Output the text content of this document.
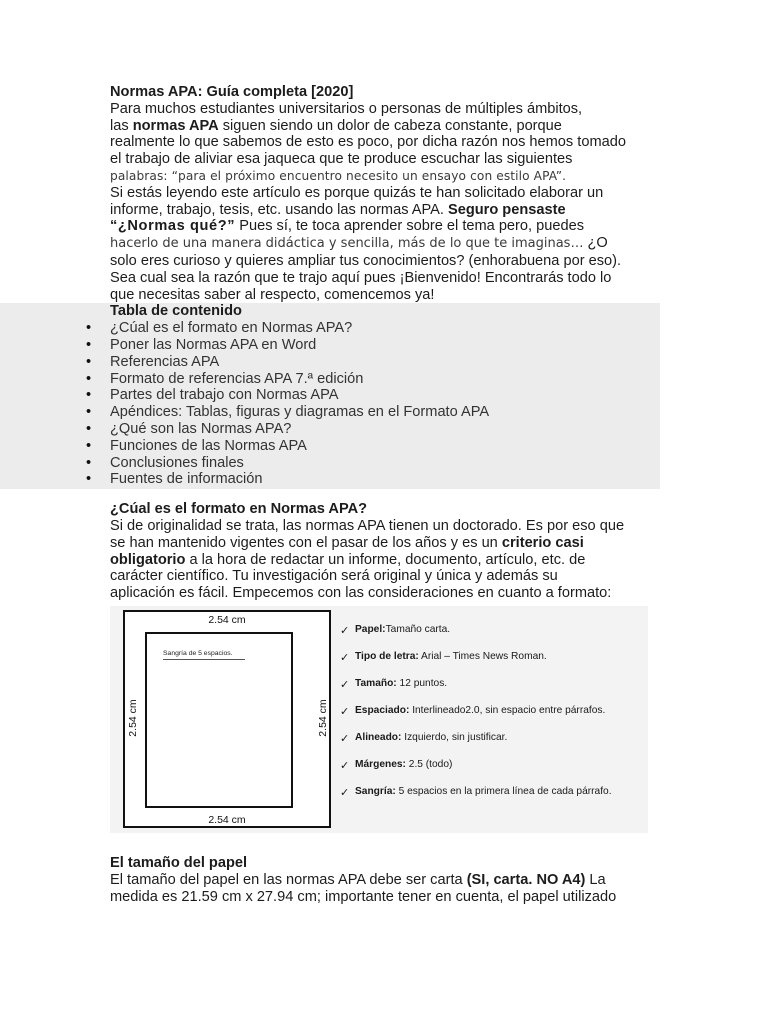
Normas APA: Guía completa [2020]

Para muchos estudiantes universitarios o personas de múltiples ámbitos,

las normas APA siguen siendo un dolor de cabeza constante, porque

realmente lo que sabemos de esto es poco, por dicha razón nos hemos tomado

el trabajo de aliviar esa jaqueca que te produce escuchar las siguientes

palabras: “para el próximo encuentro necesito un ensayo con estilo APA”.

Si estás leyendo este artículo es porque quizás te han solicitado elaborar un

informe, trabajo, tesis, etc. usando las normas APA. Seguro pensaste

“¿Normas qué?” Pues sí, te toca aprender sobre el tema pero, puedes

hacerlo de una manera didáctica y sencilla, más de lo que te imaginas… ¿O

solo eres curioso y quieres ampliar tus conocimientos? (enhorabuena por eso).

Sea cual sea la razón que te trajo aquí pues ¡Bienvenido! Encontrarás todo lo

que necesitas saber al respecto, comencemos ya!

Tabla de contenido

• ¿Cúal es el formato en Normas APA?
• Poner las Normas APA en Word
• Referencias APA
• Formato de referencias APA 7.ª edición
• Partes del trabajo con Normas APA
• Apéndices: Tablas, figuras y diagramas en el Formato APA
• ¿Qué son las Normas APA?
• Funciones de las Normas APA
• Conclusiones finales
• Fuentes de información

¿Cúal es el formato en Normas APA?

Si de originalidad se trata, las normas APA tienen un doctorado. Es por eso que

se han mantenido vigentes con el pasar de los años y es un criterio casi

obligatorio a la hora de redactar un informe, documento, artículo, etc. de

carácter científico. Tu investigación será original y única y además su

aplicación es fácil. Empecemos con las consideraciones en cuanto a formato:

2.54 cm
2.54 cm
2.54 cm	2.54 cm
Sangría de 5 espacios.
✓ Papel:Tamaño carta.
✓ Tipo de letra: Arial – Times News Roman.
✓ Tamaño: 12 puntos.
✓ Espaciado: Interlineado2.0, sin espacio entre párrafos.
✓ Alineado: Izquierdo, sin justificar.
✓ Márgenes: 2.5 (todo)
✓ Sangría: 5 espacios en la primera línea de cada párrafo.

El tamaño del papel

El tamaño del papel en las normas APA debe ser carta (SI, carta. NO A4) La

medida es 21.59 cm x 27.94 cm; importante tener en cuenta, el papel utilizado
